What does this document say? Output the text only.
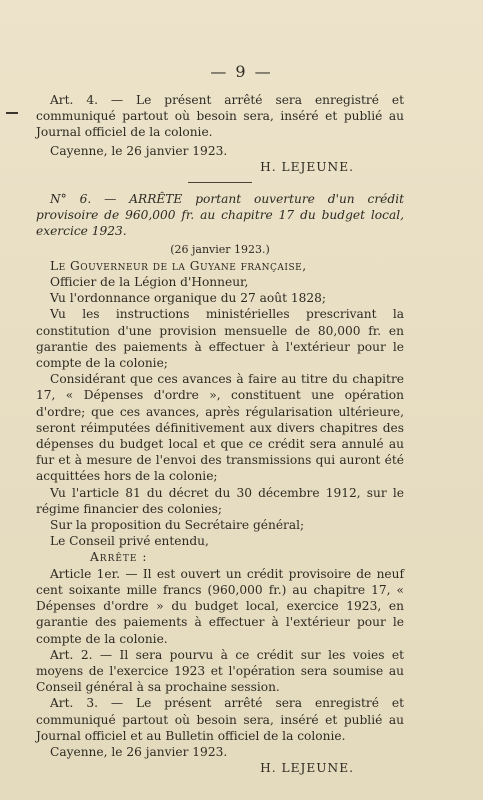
— 9 —

Art. 4. — Le présent arrêté sera enregistré et communiqué partout où besoin sera, inséré et publié au Journal officiel de la colonie.

Cayenne, le 26 janvier 1923.

H. LEJEUNE.

N° 6. — ARRÊTE portant ouverture d'un crédit provisoire de 960,000 fr. au chapitre 17 du budget local, exercice 1923.

(26 janvier 1923.)

Le Gouverneur de la Guyane française,

Officier de la Légion d'Honneur,

Vu l'ordonnance organique du 27 août 1828;

Vu les instructions ministérielles prescrivant la constitution d'une provision mensuelle de 80,000 fr. en garantie des paiements à effectuer à l'extérieur pour le compte de la colonie;

Considérant que ces avances à faire au titre du chapitre 17, « Dépenses d'ordre », constituent une opération d'ordre; que ces avances, après régularisation ultérieure, seront réimputées définitivement aux divers chapitres des dépenses du budget local et que ce crédit sera annulé au fur et à mesure de l'envoi des transmissions qui auront été acquittées hors de la colonie;

Vu l'article 81 du décret du 30 décembre 1912, sur le régime financier des colonies;

Sur la proposition du Secrétaire général;

Le Conseil privé entendu,

Arrête :

Article 1er. — Il est ouvert un crédit provisoire de neuf cent soixante mille francs (960,000 fr.) au chapitre 17, « Dépenses d'ordre » du budget local, exercice 1923, en garantie des paiements à effectuer à l'extérieur pour le compte de la colonie.

Art. 2. — Il sera pourvu à ce crédit sur les voies et moyens de l'exercice 1923 et l'opération sera soumise au Conseil général à sa prochaine session.

Art. 3. — Le présent arrêté sera enregistré et communiqué partout où besoin sera, inséré et publié au Journal officiel et au Bulletin officiel de la colonie.

Cayenne, le 26 janvier 1923.

H. LEJEUNE.
